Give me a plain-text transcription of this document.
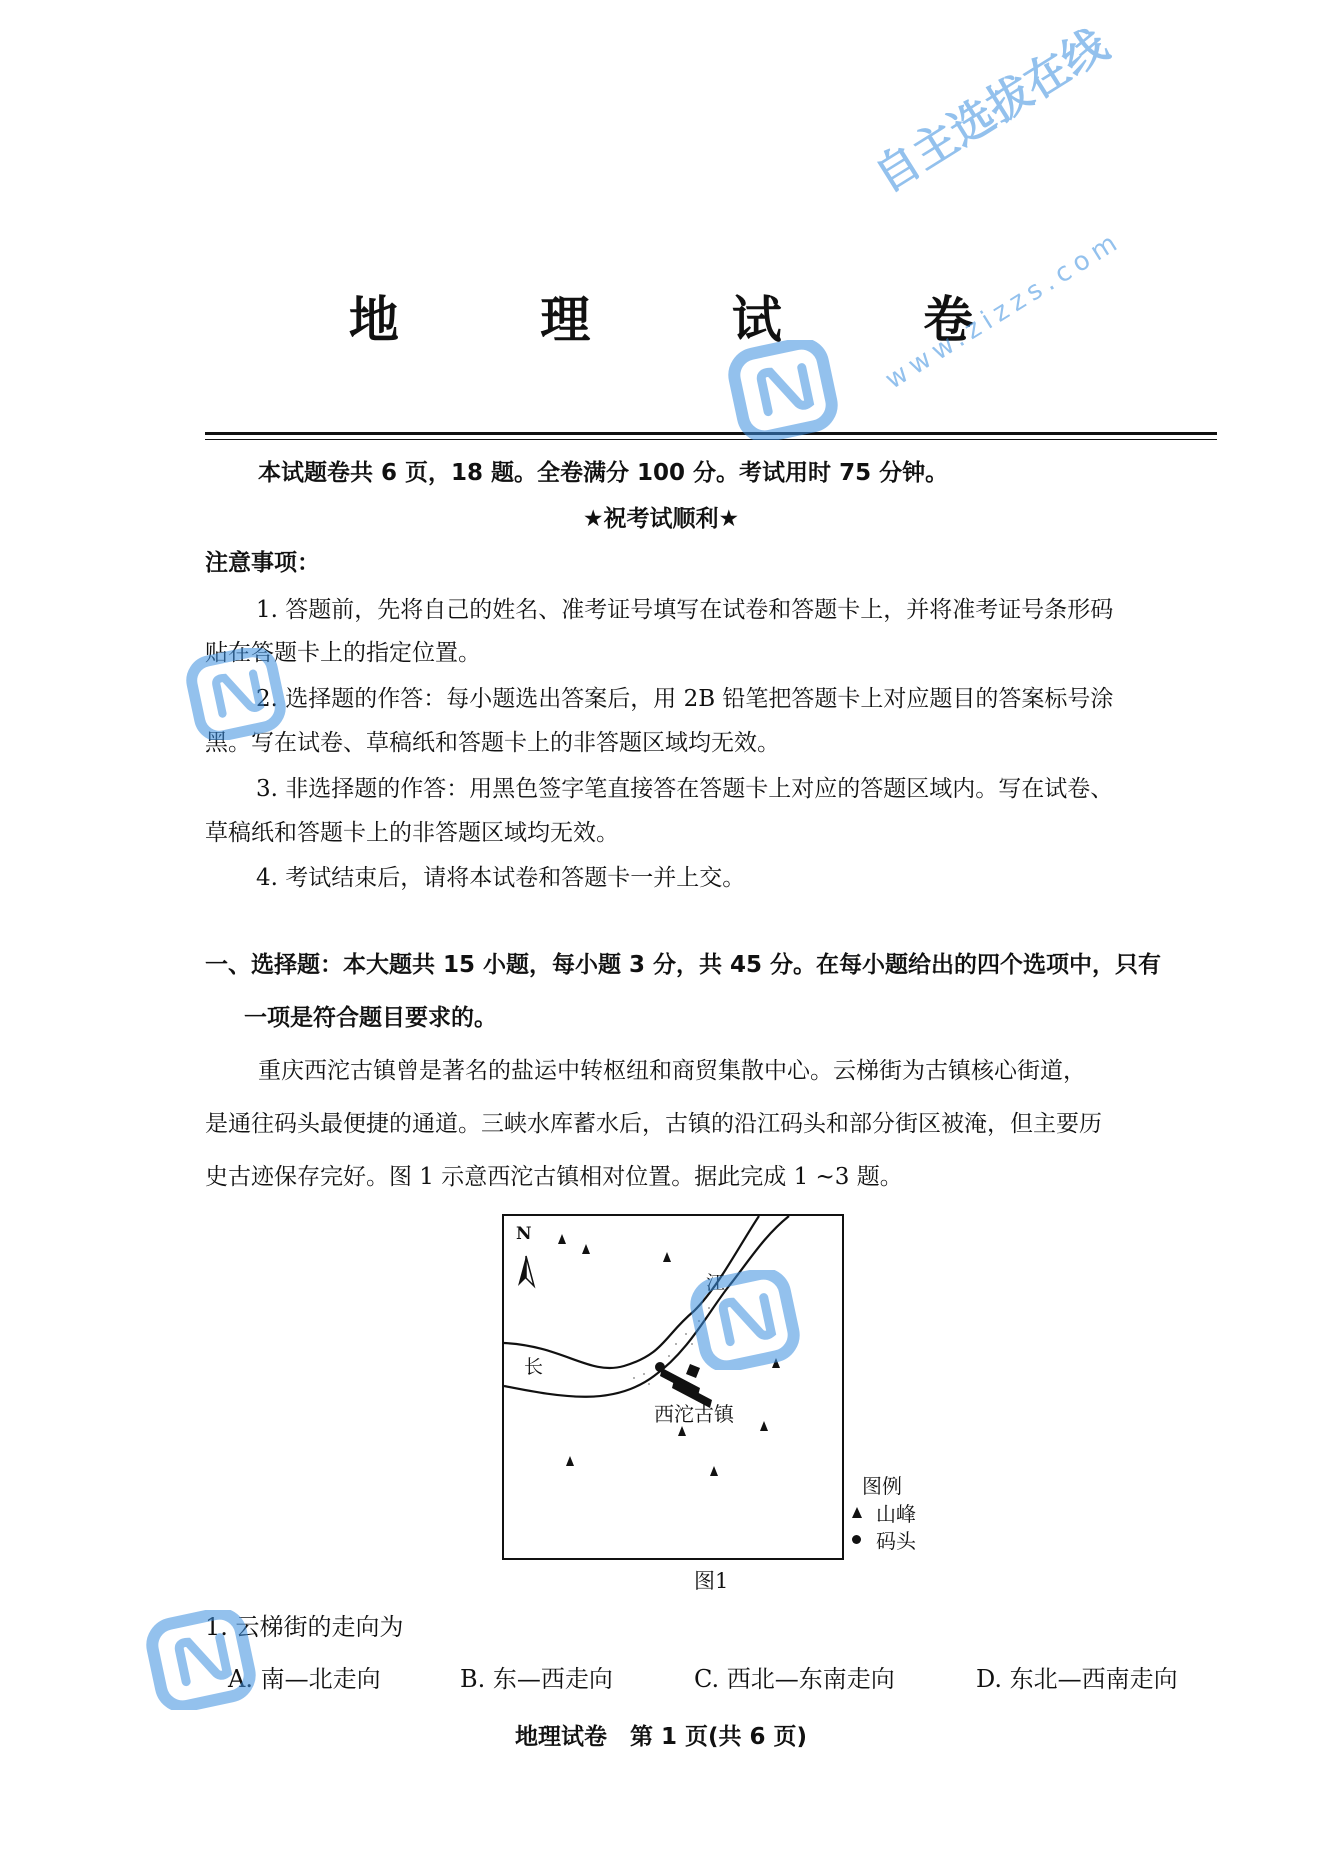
地 理 试 卷
本试题卷共 6 页，18 题。全卷满分 100 分。考试用时 75 分钟。
★祝考试顺利★
注意事项：
1. 答题前，先将自己的姓名、准考证号填写在试卷和答题卡上，并将准考证号条形码
贴在答题卡上的指定位置。
2. 选择题的作答：每小题选出答案后，用 2B 铅笔把答题卡上对应题目的答案标号涂
黑。写在试卷、草稿纸和答题卡上的非答题区域均无效。
3. 非选择题的作答：用黑色签字笔直接答在答题卡上对应的答题区域内。写在试卷、
草稿纸和答题卡上的非答题区域均无效。
4. 考试结束后，请将本试卷和答题卡一并上交。
一、选择题：本大题共 15 小题，每小题 3 分，共 45 分。在每小题给出的四个选项中，只有
一项是符合题目要求的。
重庆西沱古镇曾是著名的盐运中转枢纽和商贸集散中心。云梯街为古镇核心街道，
是通往码头最便捷的通道。三峡水库蓄水后，古镇的沿江码头和部分街区被淹，但主要历
史古迹保存完好。图 1 示意西沱古镇相对位置。据此完成 1 ~3 题。
N
江
长
西沱古镇
图例
山峰
码头
图1
1. 云梯街的走向为
A. 南—北走向	B. 东—西走向	C. 西北—东南走向	D. 东北—西南走向
地理试卷　第 1 页(共 6 页)
自主选拔在线
www.zizzs.com
